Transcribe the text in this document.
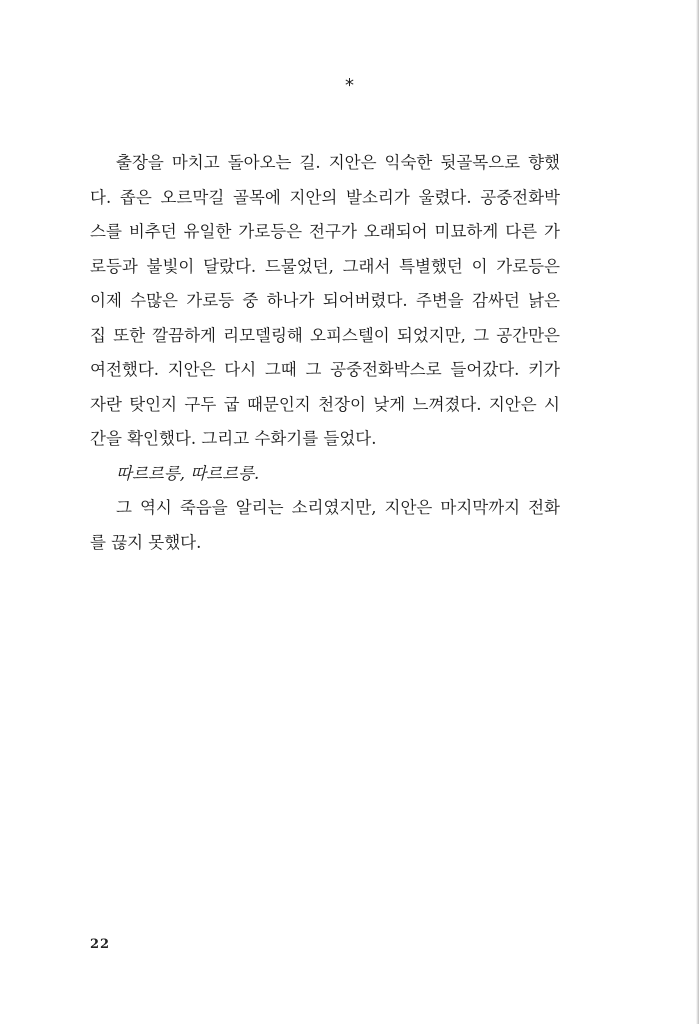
*
출장을 마치고 돌아오는 길. 지안은 익숙한 뒷골목으로 향했
다. 좁은 오르막길 골목에 지안의 발소리가 울렸다. 공중전화박
스를 비추던 유일한 가로등은 전구가 오래되어 미묘하게 다른 가
로등과 불빛이 달랐다. 드물었던, 그래서 특별했던 이 가로등은
이제 수많은 가로등 중 하나가 되어버렸다. 주변을 감싸던 낡은
집 또한 깔끔하게 리모델링해 오피스텔이 되었지만, 그 공간만은
여전했다. 지안은 다시 그때 그 공중전화박스로 들어갔다. 키가
자란 탓인지 구두 굽 때문인지 천장이 낮게 느껴졌다. 지안은 시
간을 확인했다. 그리고 수화기를 들었다.
따르르릉, 따르르릉.
그 역시 죽음을 알리는 소리였지만, 지안은 마지막까지 전화
를 끊지 못했다.
22
